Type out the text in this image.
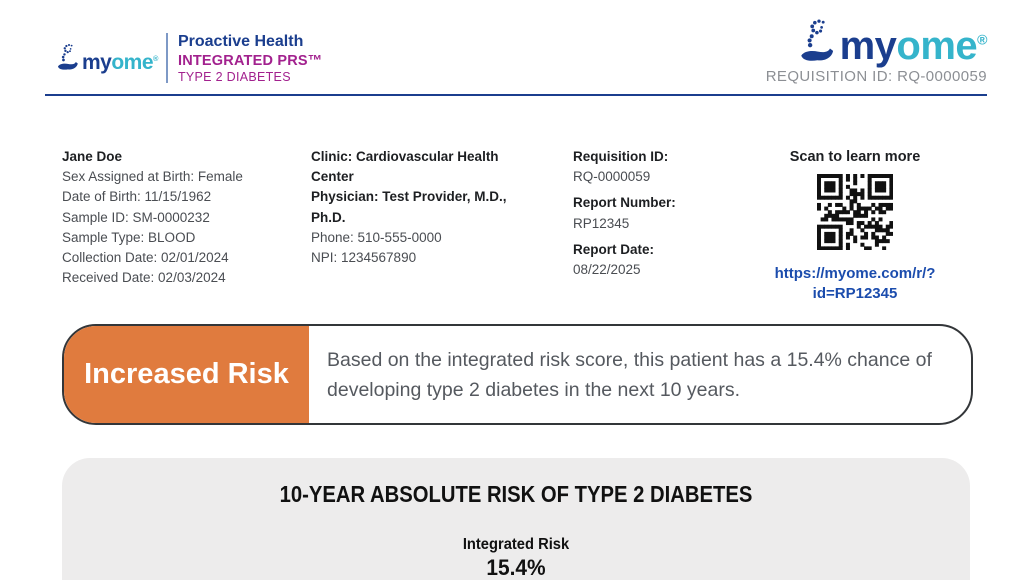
myome®
Proactive Health
INTEGRATED PRS™
TYPE 2 DIABETES
myome®
REQUISITION ID: RQ-0000059
Jane Doe
Sex Assigned at Birth: Female
Date of Birth: 11/15/1962
Sample ID: SM-0000232
Sample Type: BLOOD
Collection Date: 02/01/2024
Received Date: 02/03/2024
Clinic: Cardiovascular Health Center
Physician: Test Provider, M.D., Ph.D.
Phone: 510-555-0000
NPI: 1234567890
Requisition ID:
RQ-0000059
Report Number:
RP12345
Report Date:
08/22/2025
Scan to learn more
https://myome.com/r/?id=RP12345
Increased Risk	Based on the integrated risk score, this patient has a 15.4% chance of developing type 2 diabetes in the next 10 years.

10-YEAR ABSOLUTE RISK OF TYPE 2 DIABETES
Integrated Risk
15.4%
